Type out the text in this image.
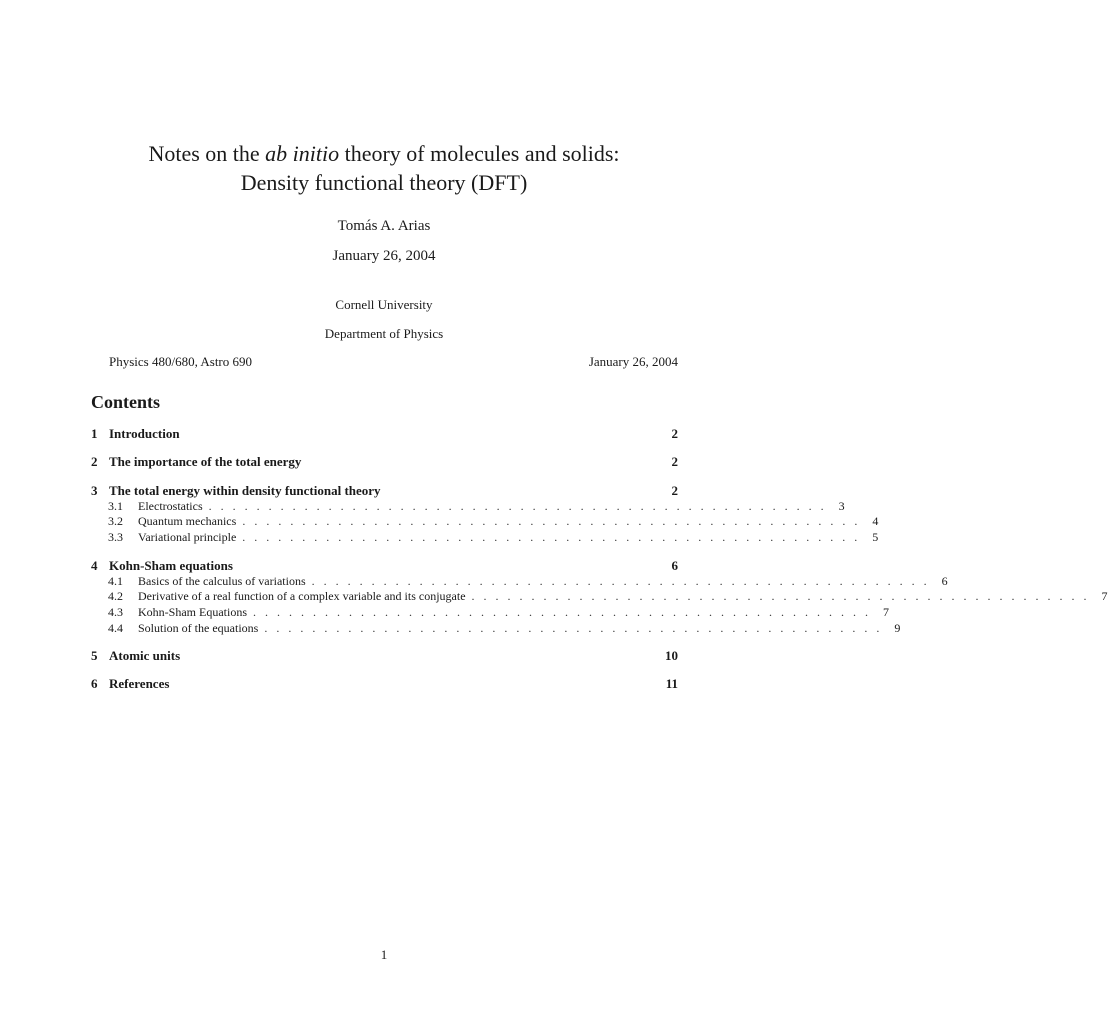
Notes on the ab initio theory of molecules and solids:
Density functional theory (DFT)
Tomás A. Arias
January 26, 2004
Cornell University
Department of Physics
Physics 480/680, Astro 690	January 26, 2004
Contents
1 Introduction	2
2 The importance of the total energy	2
3 The total energy within density functional theory	2
3.1	Electrostatics . . . . . . . . . . . . . . . . . . . . . . . . . . . . . . . . . . . . . . . . . . . . . . . . . . . .	3
3.2	Quantum mechanics . . . . . . . . . . . . . . . . . . . . . . . . . . . . . . . . . . . . . . . . . . . . . . . . . . . .	4
3.3	Variational principle . . . . . . . . . . . . . . . . . . . . . . . . . . . . . . . . . . . . . . . . . . . . . . . . . . . .	5
4 Kohn-Sham equations	6
4.1	Basics of the calculus of variations . . . . . . . . . . . . . . . . . . . . . . . . . . . . . . . . . . . . . . . . . . . . . . . . . . . .	6
4.2	Derivative of a real function of a complex variable and its conjugate . . . . . . . . . . . . . . . . . . . . . . . . . . . . . . . . . . . . . . . . . . . . . . . . . . . .	7
4.3	Kohn-Sham Equations . . . . . . . . . . . . . . . . . . . . . . . . . . . . . . . . . . . . . . . . . . . . . . . . . . . .	7
4.4	Solution of the equations . . . . . . . . . . . . . . . . . . . . . . . . . . . . . . . . . . . . . . . . . . . . . . . . . . . .	9
5 Atomic units	10
6 References	11
1
